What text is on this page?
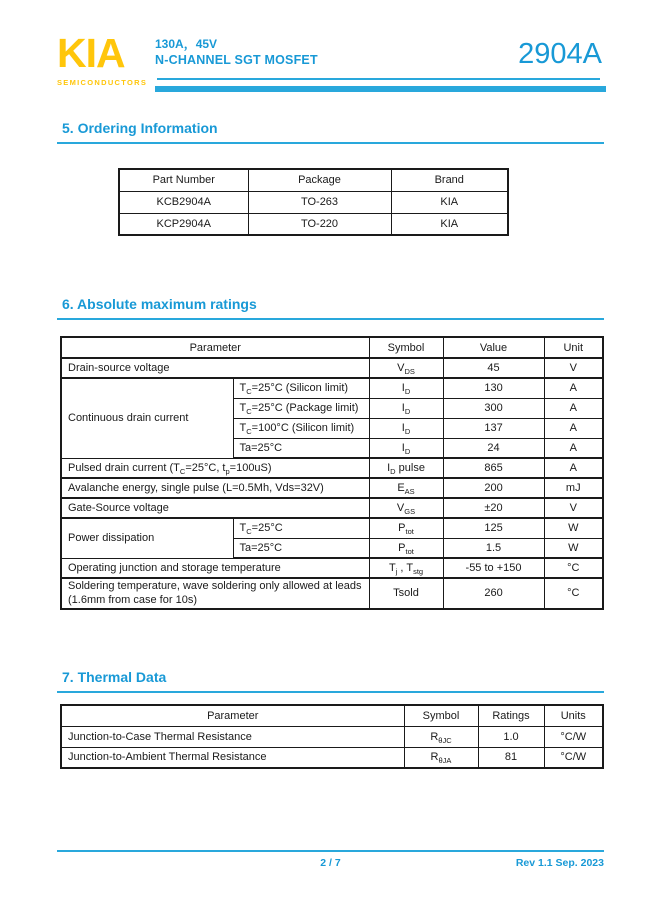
KIA
SEMICONDUCTORS
130A，45V
N-CHANNEL SGT MOSFET	2904A
5. Ordering Information
Part Number	Package	Brand
KCB2904A	TO-263	KIA
KCP2904A	TO-220	KIA
6. Absolute maximum ratings
Parameter		Symbol	Value	Unit
Drain-source voltage		$V_{DS}$	45	V
Continuous drain current	$T_C=25^\circ C$ (Silicon limit)	$I_D$	130	A
	$T_C=25^\circ C$ (Package limit)	$I_D$	300	A
	$T_C=100^\circ C$ (Silicon limit)	$I_D$	137	A
	Ta=25°C	$I_D$	24	A
Pulsed drain current ($T_C=25^\circ C$, $t_p=100uS$)		$I_D$ pulse	865	A
Avalanche energy, single pulse (L=0.5Mh, Vds=32V)		$E_{AS}$	200	mJ
Gate-Source voltage		$V_{GS}$	±20	V
Power dissipation	$T_C=25^\circ C$	$P_{tot}$	125	W
	Ta=25°C	$P_{tot}$	1.5	W
Operating junction and storage temperature		$T_j$ , $T_{stg}$	-55 to +150	°C
Soldering temperature, wave soldering only allowed at leads (1.6mm from case for 10s)		Tsold	260	°C
7. Thermal Data
Parameter	Symbol	Ratings	Units
Junction-to-Case Thermal Resistance	$R_{\theta JC}$	1.0	°C/W
Junction-to-Ambient Thermal Resistance	$R_{\theta JA}$	81	°C/W
2 / 7	Rev 1.1 Sep. 2023
